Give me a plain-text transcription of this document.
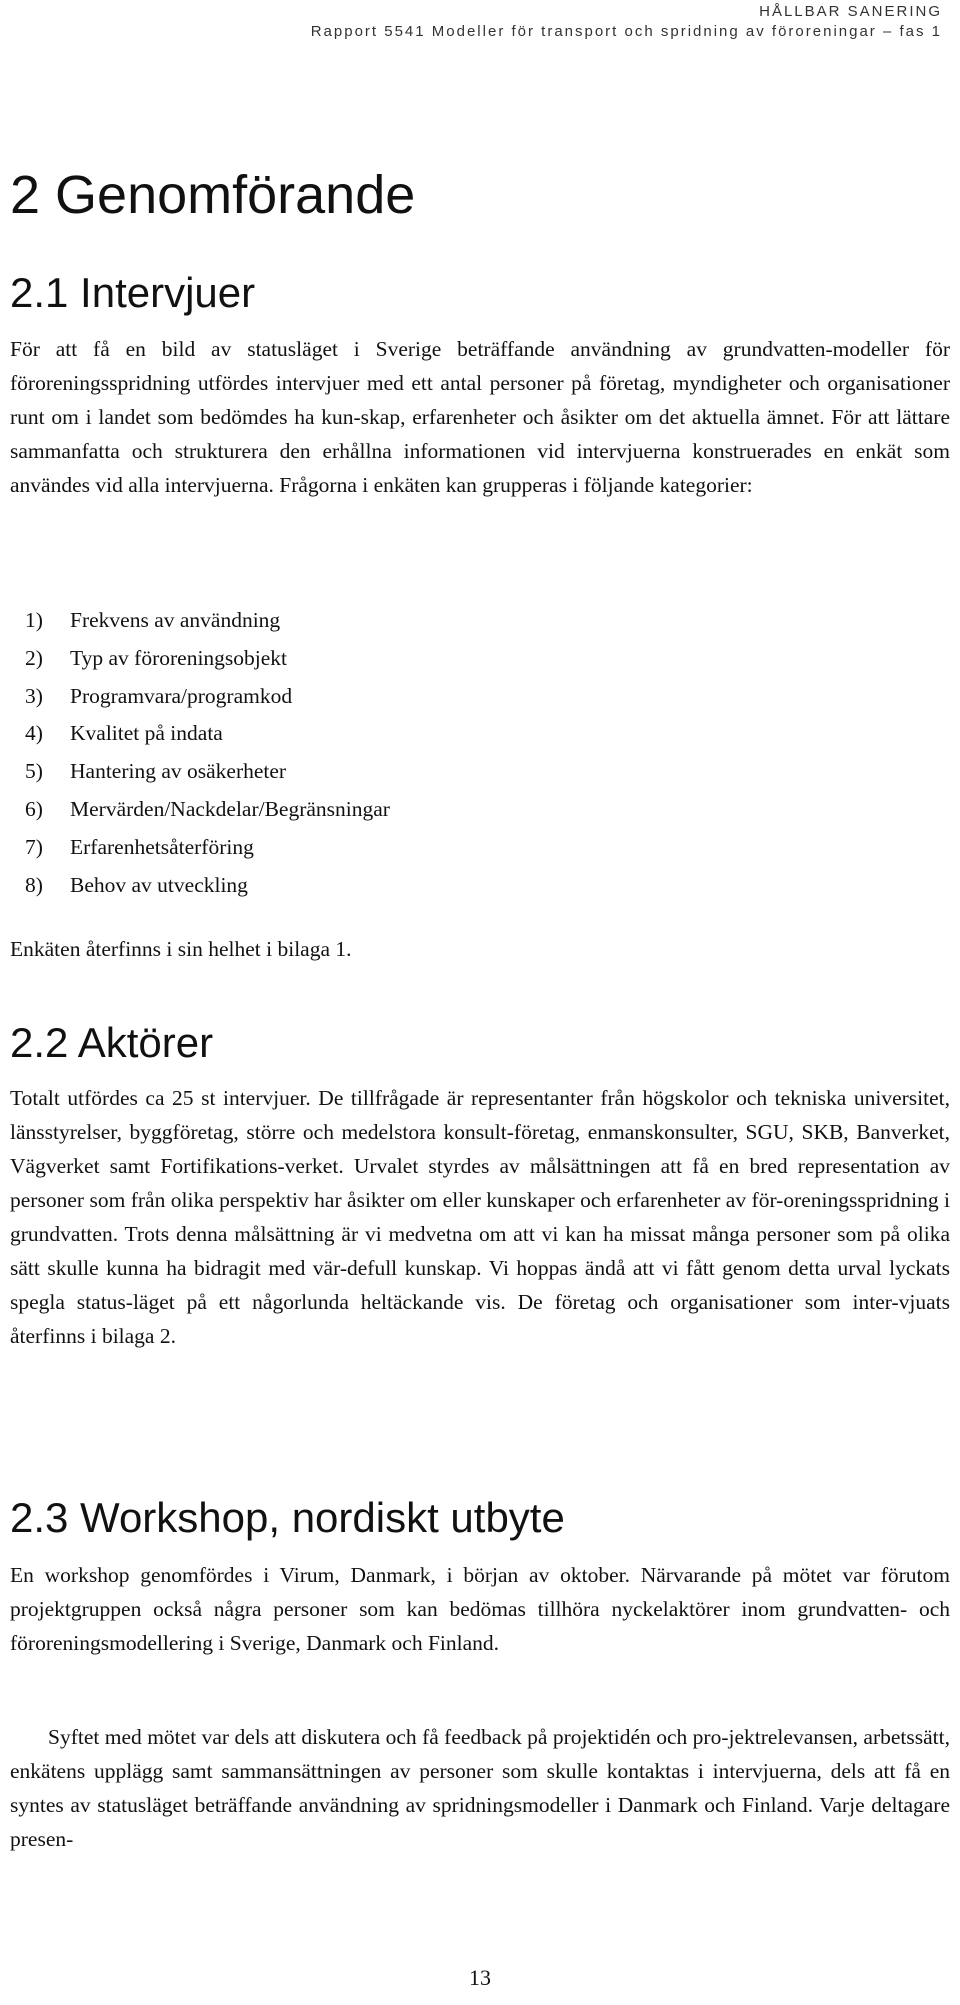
HÅLLBAR SANERING
Rapport 5541 Modeller för transport och spridning av föroreningar – fas 1
2 Genomförande
2.1 Intervjuer

För att få en bild av statusläget i Sverige beträffande användning av grundvatten-modeller för föroreningsspridning utfördes intervjuer med ett antal personer på företag, myndigheter och organisationer runt om i landet som bedömdes ha kun-skap, erfarenheter och åsikter om det aktuella ämnet. För att lättare sammanfatta och strukturera den erhållna informationen vid intervjuerna konstruerades en enkät som användes vid alla intervjuerna. Frågorna i enkäten kan grupperas i följande kategorier:

1)	Frekvens av användning
2)	Typ av föroreningsobjekt
3)	Programvara/programkod
4)	Kvalitet på indata
5)	Hantering av osäkerheter
6)	Mervärden/Nackdelar/Begränsningar
7)	Erfarenhetsåterföring
8)	Behov av utveckling

Enkäten återfinns i sin helhet i bilaga 1.

2.2 Aktörer

Totalt utfördes ca 25 st intervjuer. De tillfrågade är representanter från högskolor och tekniska universitet, länsstyrelser, byggföretag, större och medelstora konsult-företag, enmanskonsulter, SGU, SKB, Banverket, Vägverket samt Fortifikations-verket. Urvalet styrdes av målsättningen att få en bred representation av personer som från olika perspektiv har åsikter om eller kunskaper och erfarenheter av för-oreningsspridning i grundvatten. Trots denna målsättning är vi medvetna om att vi kan ha missat många personer som på olika sätt skulle kunna ha bidragit med vär-defull kunskap. Vi hoppas ändå att vi fått genom detta urval lyckats spegla status-läget på ett någorlunda heltäckande vis. De företag och organisationer som inter-vjuats återfinns i bilaga 2.

2.3 Workshop, nordiskt utbyte

En workshop genomfördes i Virum, Danmark, i början av oktober. Närvarande på mötet var förutom projektgruppen också några personer som kan bedömas tillhöra nyckelaktörer inom grundvatten- och föroreningsmodellering i Sverige, Danmark och Finland.

Syftet med mötet var dels att diskutera och få feedback på projektidén och pro-jektrelevansen, arbetssätt, enkätens upplägg samt sammansättningen av personer som skulle kontaktas i intervjuerna, dels att få en syntes av statusläget beträffande användning av spridningsmodeller i Danmark och Finland. Varje deltagare presen-

13
